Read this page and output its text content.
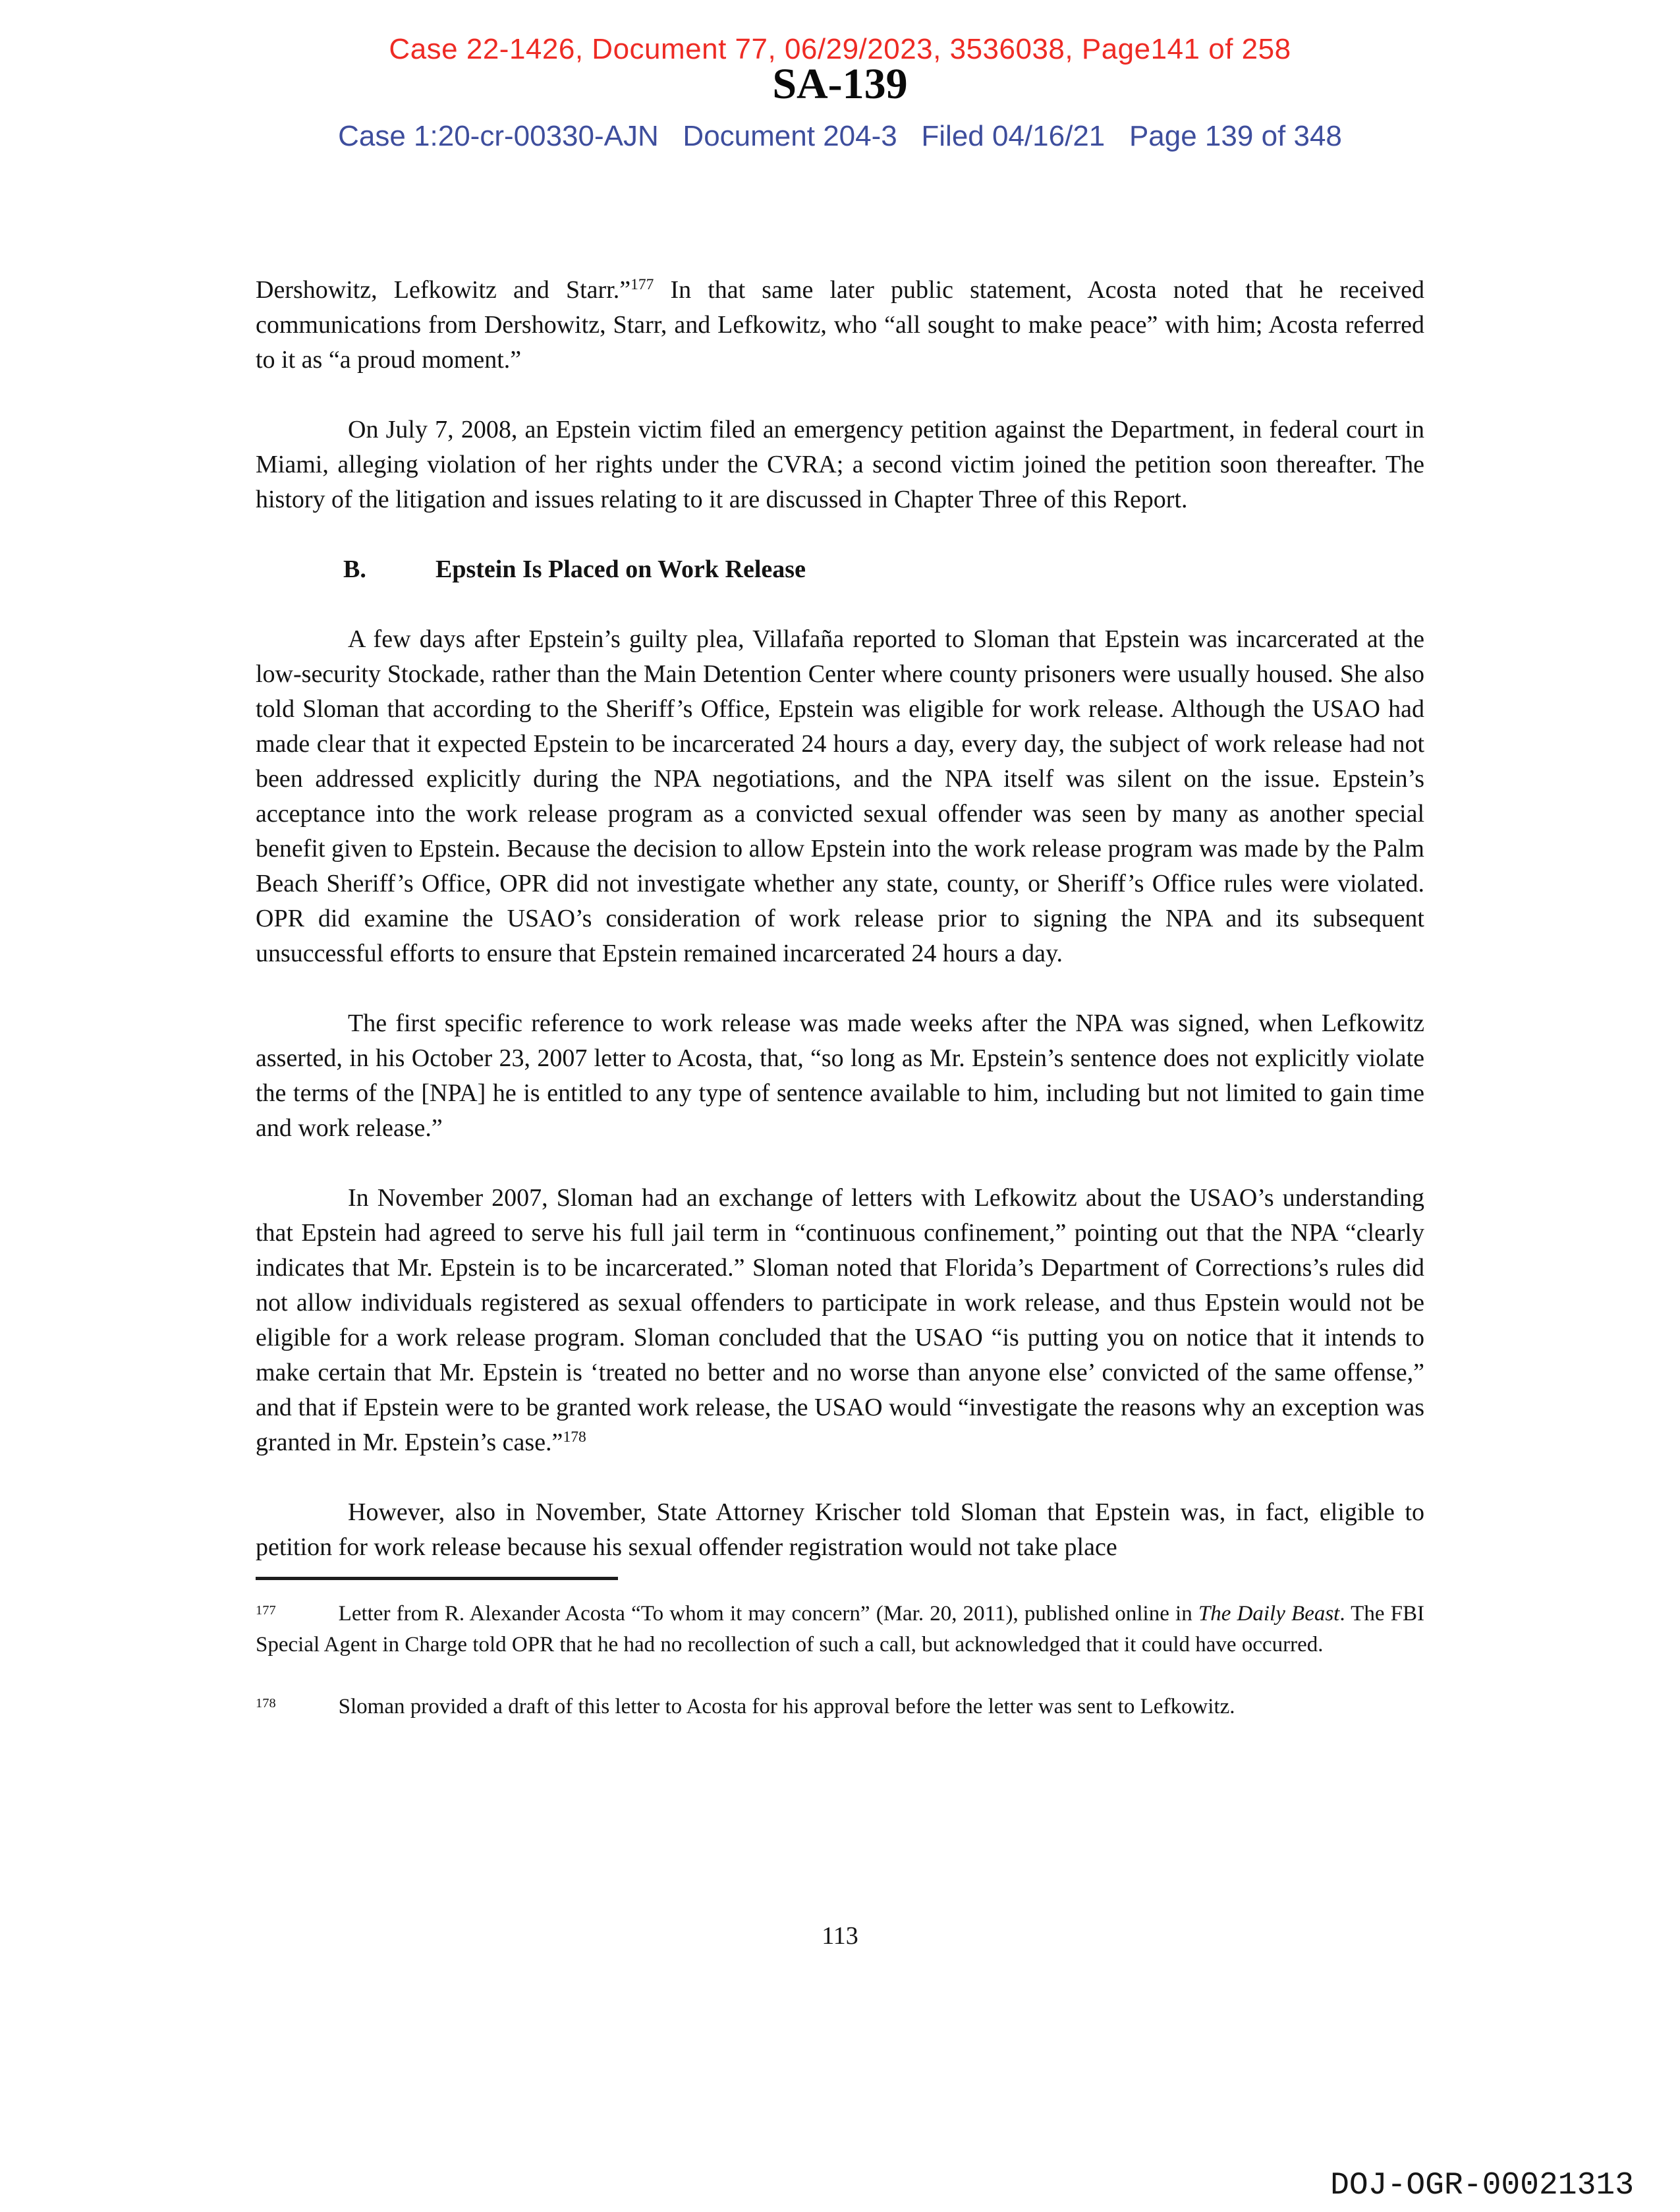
Case 22-1426, Document 77, 06/29/2023, 3536038, Page141 of 258
SA-139
Case 1:20-cr-00330-AJN   Document 204-3   Filed 04/16/21   Page 139 of 348
Dershowitz, Lefkowitz and Starr.”$^{177}$ In that same later public statement, Acosta noted that he received communications from Dershowitz, Starr, and Lefkowitz, who “all sought to make peace” with him; Acosta referred to it as “a proud moment.”
On July 7, 2008, an Epstein victim filed an emergency petition against the Department, in federal court in Miami, alleging violation of her rights under the CVRA; a second victim joined the petition soon thereafter. The history of the litigation and issues relating to it are discussed in Chapter Three of this Report.
B.	Epstein Is Placed on Work Release
A few days after Epstein’s guilty plea, Villafaña reported to Sloman that Epstein was incarcerated at the low-security Stockade, rather than the Main Detention Center where county prisoners were usually housed. She also told Sloman that according to the Sheriff’s Office, Epstein was eligible for work release. Although the USAO had made clear that it expected Epstein to be incarcerated 24 hours a day, every day, the subject of work release had not been addressed explicitly during the NPA negotiations, and the NPA itself was silent on the issue. Epstein’s acceptance into the work release program as a convicted sexual offender was seen by many as another special benefit given to Epstein. Because the decision to allow Epstein into the work release program was made by the Palm Beach Sheriff’s Office, OPR did not investigate whether any state, county, or Sheriff’s Office rules were violated. OPR did examine the USAO’s consideration of work release prior to signing the NPA and its subsequent unsuccessful efforts to ensure that Epstein remained incarcerated 24 hours a day.
The first specific reference to work release was made weeks after the NPA was signed, when Lefkowitz asserted, in his October 23, 2007 letter to Acosta, that, “so long as Mr. Epstein’s sentence does not explicitly violate the terms of the [NPA] he is entitled to any type of sentence available to him, including but not limited to gain time and work release.”
In November 2007, Sloman had an exchange of letters with Lefkowitz about the USAO’s understanding that Epstein had agreed to serve his full jail term in “continuous confinement,” pointing out that the NPA “clearly indicates that Mr. Epstein is to be incarcerated.” Sloman noted that Florida’s Department of Corrections’s rules did not allow individuals registered as sexual offenders to participate in work release, and thus Epstein would not be eligible for a work release program. Sloman concluded that the USAO “is putting you on notice that it intends to make certain that Mr. Epstein is ‘treated no better and no worse than anyone else’ convicted of the same offense,” and that if Epstein were to be granted work release, the USAO would “investigate the reasons why an exception was granted in Mr. Epstein’s case.”$^{178}$
However, also in November, State Attorney Krischer told Sloman that Epstein was, in fact, eligible to petition for work release because his sexual offender registration would not take place
$^{177}$	Letter from R. Alexander Acosta “To whom it may concern” (Mar. 20, 2011), published online in The Daily Beast. The FBI Special Agent in Charge told OPR that he had no recollection of such a call, but acknowledged that it could have occurred.
$^{178}$	Sloman provided a draft of this letter to Acosta for his approval before the letter was sent to Lefkowitz.
113
DOJ-OGR-00021313
